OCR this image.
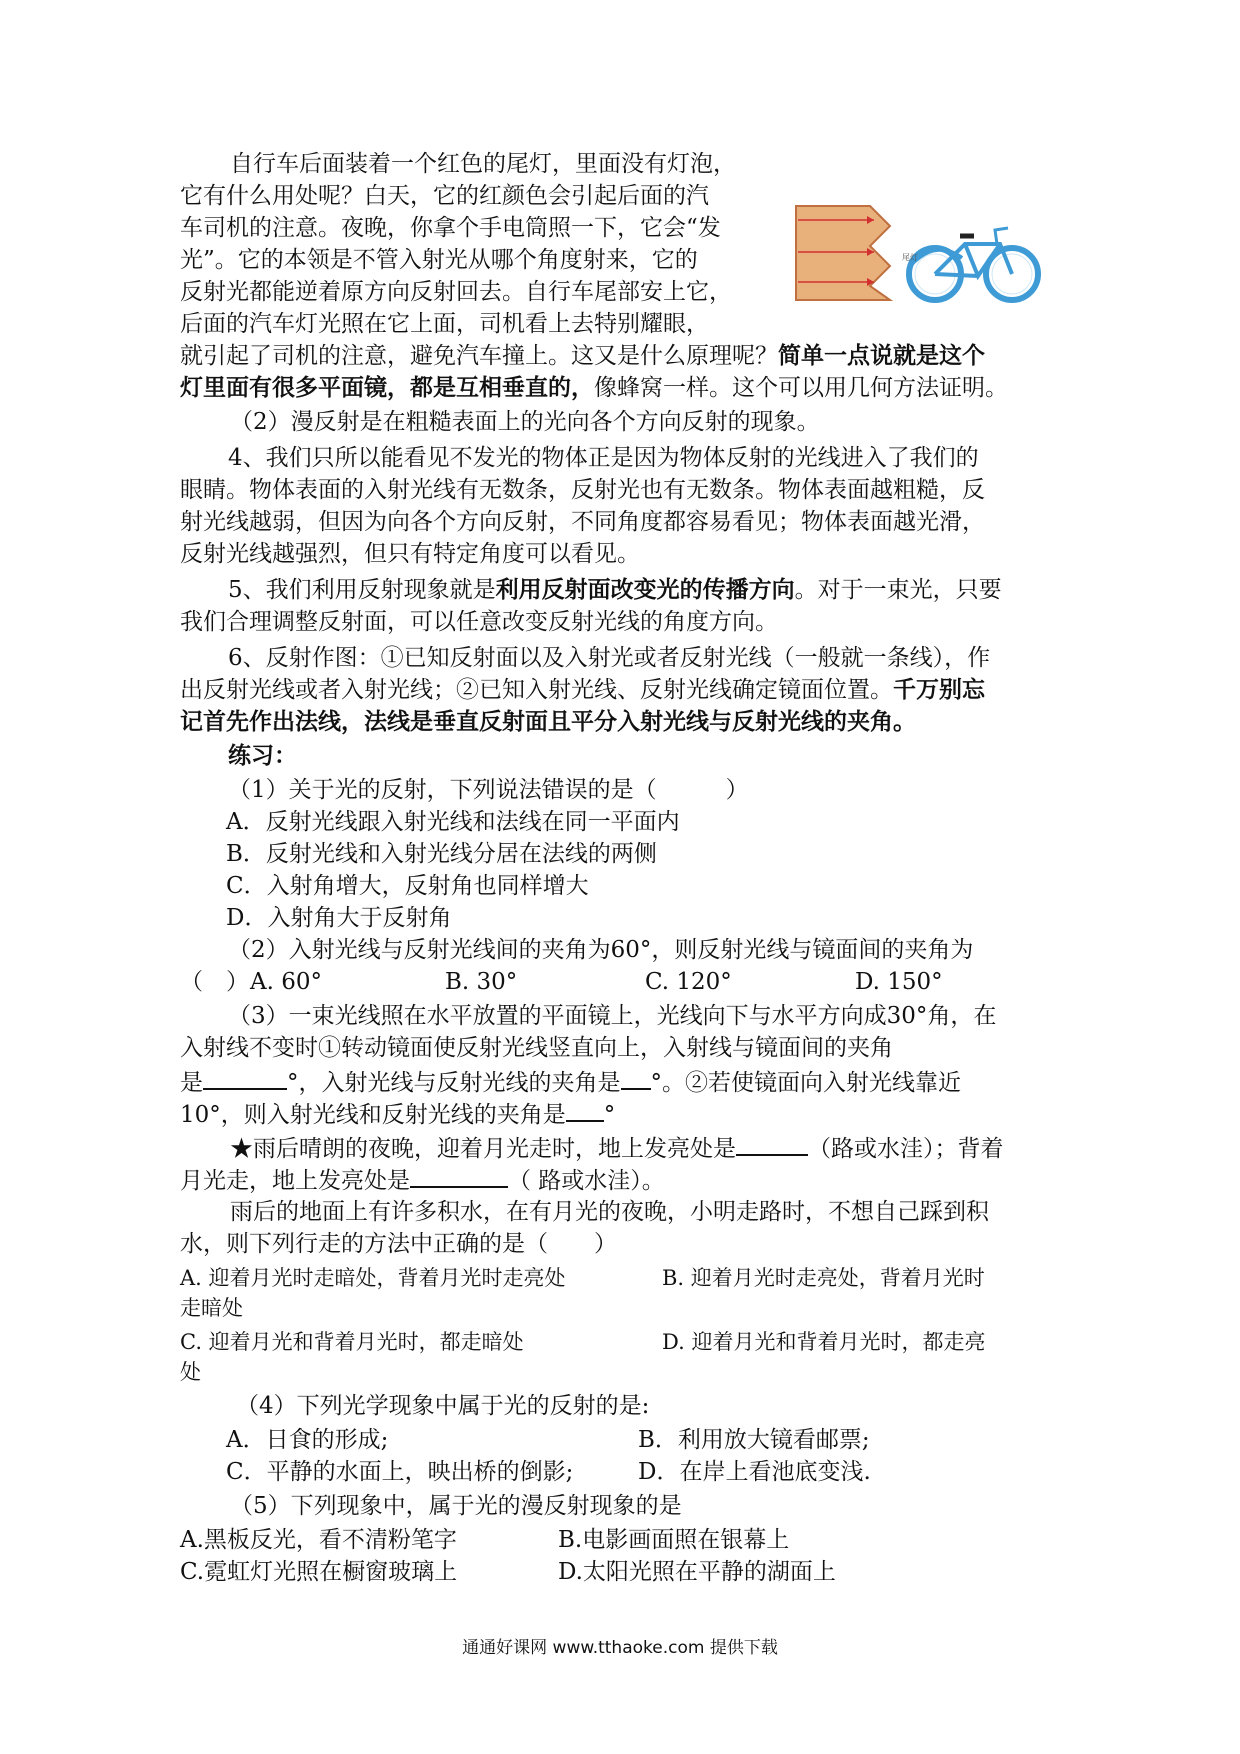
自行车后面装着一个红色的尾灯，里面没有灯泡，
它有什么用处呢？白天，它的红颜色会引起后面的汽
车司机的注意。夜晚，你拿个手电筒照一下，它会“发
光”。它的本领是不管入射光从哪个角度射来，它的
反射光都能逆着原方向反射回去。自行车尾部安上它，
后面的汽车灯光照在它上面，司机看上去特别耀眼，
就引起了司机的注意，避免汽车撞上。这又是什么原理呢？简单一点说就是这个
灯里面有很多平面镜，都是互相垂直的，像蜂窝一样。这个可以用几何方法证明。
尾灯
（2）漫反射是在粗糙表面上的光向各个方向反射的现象。
4、我们只所以能看见不发光的物体正是因为物体反射的光线进入了我们的
眼睛。物体表面的入射光线有无数条，反射光也有无数条。物体表面越粗糙，反
射光线越弱，但因为向各个方向反射，不同角度都容易看见；物体表面越光滑，
反射光线越强烈，但只有特定角度可以看见。
5、我们利用反射现象就是利用反射面改变光的传播方向。对于一束光，只要
我们合理调整反射面，可以任意改变反射光线的角度方向。
6、反射作图：①已知反射面以及入射光或者反射光线（一般就一条线），作
出反射光线或者入射光线；②已知入射光线、反射光线确定镜面位置。千万别忘
记首先作出法线，法线是垂直反射面且平分入射光线与反射光线的夹角。
练习：
（1）关于光的反射，下列说法错误的是（　　　）
A．反射光线跟入射光线和法线在同一平面内
B．反射光线和入射光线分居在法线的两侧
C．入射角增大，反射角也同样增大
D．入射角大于反射角
（2）入射光线与反射光线间的夹角为60°，则反射光线与镜面间的夹角为
（　）A. 60°	B. 30°	C. 120°	D. 150°
（3）一束光线照在水平放置的平面镜上，光线向下与水平方向成30°角，在
入射线不变时①转动镜面使反射光线竖直向上，入射线与镜面间的夹角
是	°，入射光线与反射光线的夹角是 °。②若使镜面向入射光线靠近
10°，则入射光线和反射光线的夹角是 °
★雨后晴朗的夜晚，迎着月光走时，地上发亮处是	（路或水洼）；背着
月光走，地上发亮处是	（ 路或水洼）。
雨后的地面上有许多积水，在有月光的夜晚，小明走路时，不想自己踩到积
水，则下列行走的方法中正确的是（　　）
A. 迎着月光时走暗处，背着月光时走亮处	B. 迎着月光时走亮处，背着月光时
走暗处
C. 迎着月光和背着月光时，都走暗处	D. 迎着月光和背着月光时，都走亮
处
（4）下列光学现象中属于光的反射的是:
A．日食的形成;	B．利用放大镜看邮票;
C．平静的水面上，映出桥的倒影;	D．在岸上看池底变浅.
（5）下列现象中，属于光的漫反射现象的是
A.黑板反光，看不清粉笔字	B.电影画面照在银幕上
C.霓虹灯光照在橱窗玻璃上	D.太阳光照在平静的湖面上
通通好课网 www.tthaoke.com 提供下载
